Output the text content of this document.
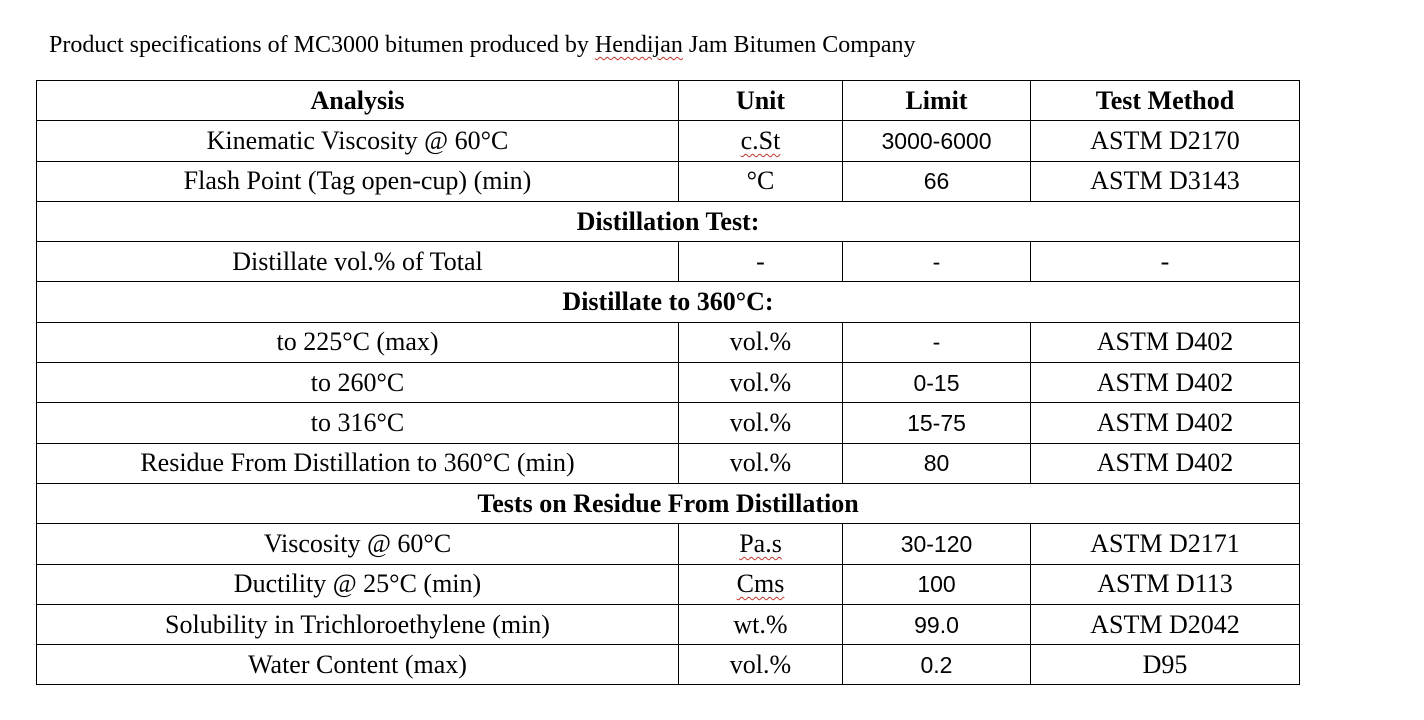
Product specifications of MC3000 bitumen produced by Hendijan Jam Bitumen Company
Analysis	Unit	Limit	Test Method
Kinematic Viscosity @ 60°C	c.St	3000-6000	ASTM D2170
Flash Point (Tag open-cup) (min)	°C	66	ASTM D3143
Distillation Test:			
Distillate vol.% of Total	-	-	-
Distillate to 360°C:			
to 225°C (max)	vol.%	-	ASTM D402
to 260°C	vol.%	0-15	ASTM D402
to 316°C	vol.%	15-75	ASTM D402
Residue From Distillation to 360°C (min)	vol.%	80	ASTM D402
Tests on Residue From Distillation			
Viscosity @ 60°C	Pa.s	30-120	ASTM D2171
Ductility @ 25°C (min)	Cms	100	ASTM D113
Solubility in Trichloroethylene (min)	wt.%	99.0	ASTM D2042
Water Content (max)	vol.%	0.2	D95
